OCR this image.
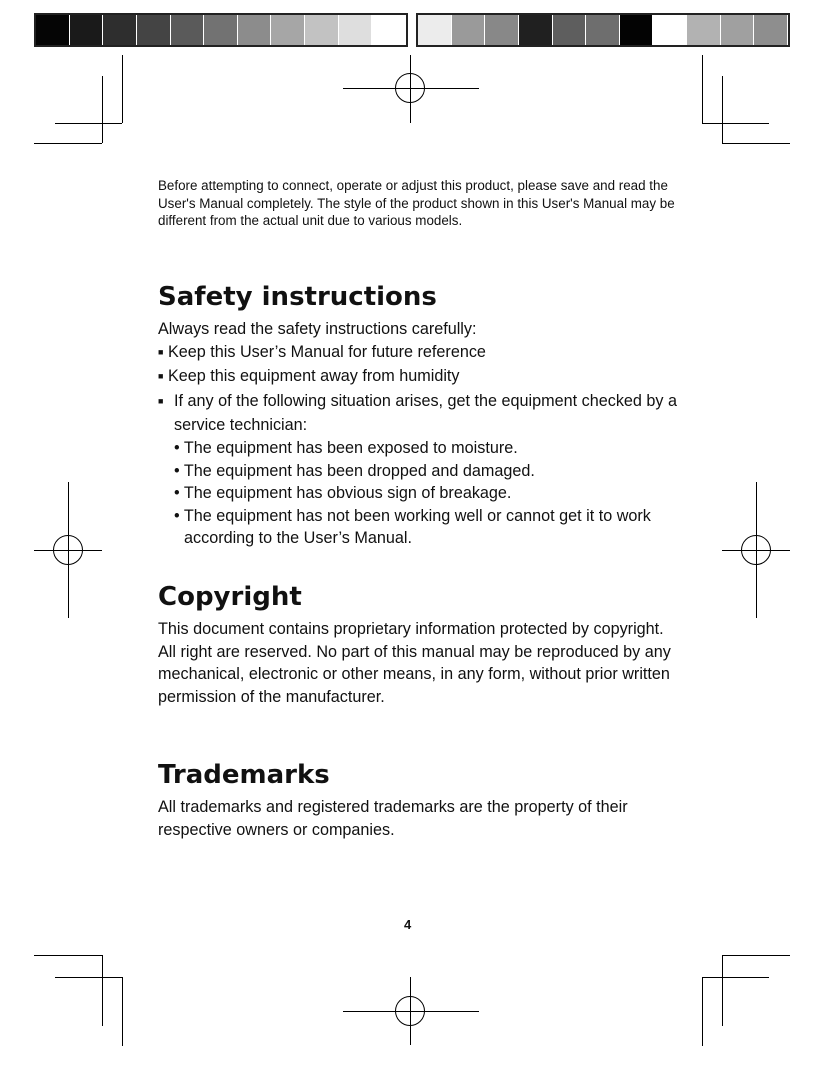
Before attempting to connect, operate or adjust this product, please save and read the User's Manual completely. The style of the product shown in this User's Manual may be different from the actual unit due to various models.

Safety instructions

Always read the safety instructions carefully:

■Keep this User’s Manual for future reference
■Keep this equipment away from humidity
■If any of the following situation arises, get the equipment checked by a service technician:
• The equipment has been exposed to moisture.
• The equipment has been dropped and damaged.
• The equipment has obvious sign of breakage.
• The equipment has not been working well or cannot get it to work according to the User’s Manual.
Copyright

This document contains proprietary information protected by copyright. All right are reserved. No part of this manual may be reproduced by any mechanical, electronic or other means, in any form, without prior written permission of the manufacturer.

Trademarks

All trademarks and registered trademarks are the property of their respective owners or companies.

4
